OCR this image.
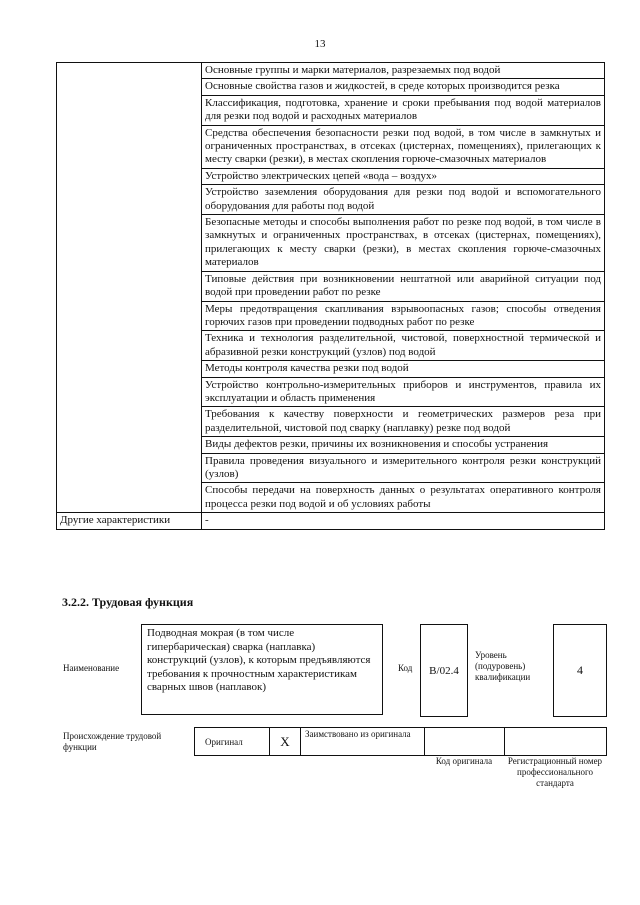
13
	Основные группы и марки материалов, разрезаемых под водой
	Основные свойства газов и жидкостей, в среде которых производится резка
	Классификация, подготовка, хранение и сроки пребывания под водой материалов для резки под водой и расходных материалов
	Средства обеспечения безопасности резки под водой, в том числе в замкнутых и ограниченных пространствах, в отсеках (цистернах, помещениях), прилегающих к месту сварки (резки), в местах скопления горюче-смазочных материалов
	Устройство электрических цепей «вода – воздух»
	Устройство заземления оборудования для резки под водой и вспомогательного оборудования для работы под водой
	Безопасные методы и способы выполнения работ по резке под водой, в том числе в замкнутых и ограниченных пространствах, в отсеках (цистернах, помещениях), прилегающих к месту сварки (резки), в местах скопления горюче-смазочных материалов
	Типовые действия при возникновении нештатной или аварийной ситуации под водой при проведении работ по резке
	Меры предотвращения скапливания взрывоопасных газов; способы отведения горючих газов при проведении подводных работ по резке
	Техника и технология разделительной, чистовой, поверхностной термической и абразивной резки конструкций (узлов) под водой
	Методы контроля качества резки под водой
	Устройство контрольно-измерительных приборов и инструментов, правила их эксплуатации и область применения
	Требования к качеству поверхности и геометрических размеров реза при разделительной, чистовой под сварку (наплавку) резке под водой
	Виды дефектов резки, причины их возникновения и способы устранения
	Правила проведения визуального и измерительного контроля резки конструкций (узлов)
	Способы передачи на поверхность данных о результатах оперативного контроля процесса резки под водой и об условиях работы
Другие характеристики	-
3.2.2. Трудовая функция
Наименование
Подводная мокрая (в том числе гипербарическая) сварка (наплавка) конструкций (узлов), к которым предъявляются требования к прочностным характеристикам сварных швов (наплавок)
Код	B/02.4
Уровень (подуровень) квалификации	4
Происхождение трудовой функции	Оригинал	X Заимствовано из оригинала
Код оригинала	Регистрационный номер профессионального стандарта
